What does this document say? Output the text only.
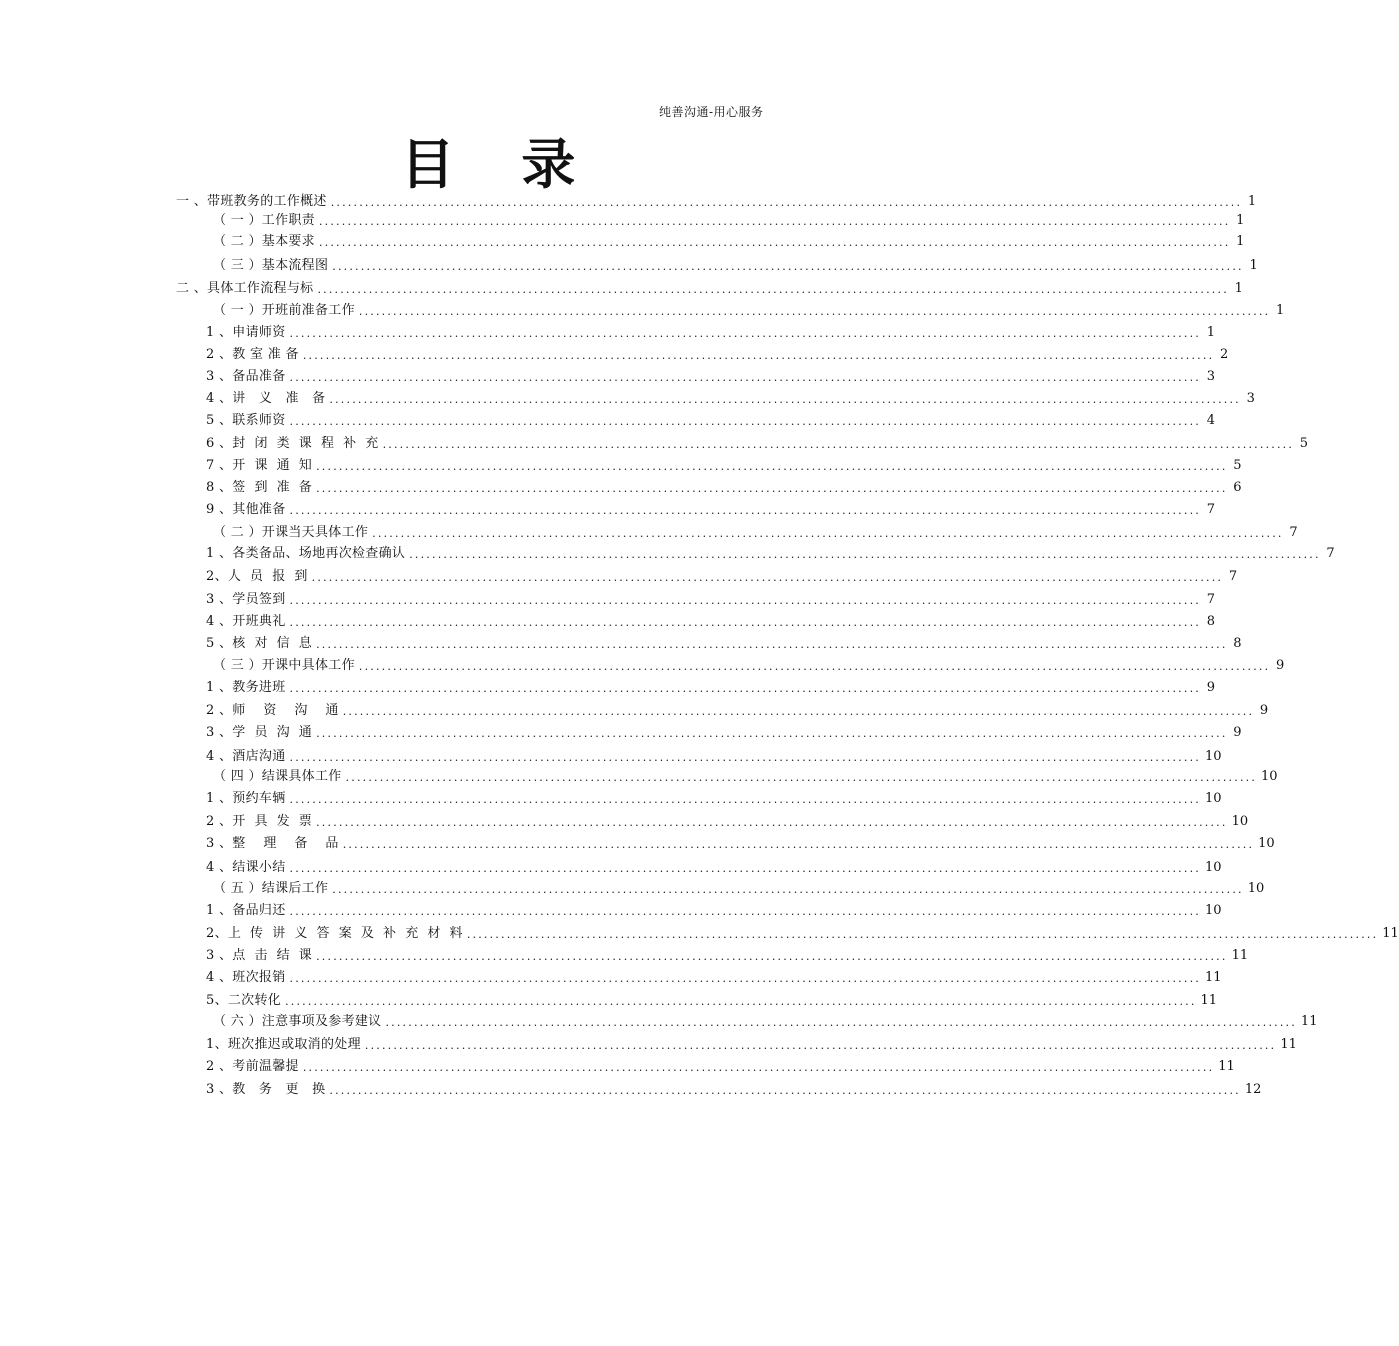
纯善沟通-用心服务
目 录
一 、带班教务的工作概述 ................................................................................................................................................................ 1
（ 一 ）工作职责 ................................................................................................................................................................ 1
（ 二 ）基本要求 ................................................................................................................................................................ 1
（ 三 ）基本流程图 ................................................................................................................................................................ 1
二 、具体工作流程与标 ................................................................................................................................................................ 1
（ 一 ）开班前准备工作 ................................................................................................................................................................ 1
1 、申请师资 ................................................................................................................................................................ 1
2 、教 室 准 备 ................................................................................................................................................................ 2
3 、备品准备 ................................................................................................................................................................ 3
4 、讲   义   准   备 ................................................................................................................................................................ 3
5 、联系师资 ................................................................................................................................................................ 4
6 、封  闭  类  课  程  补  充 ................................................................................................................................................................ 5
7 、开  课  通  知 ................................................................................................................................................................ 5
8 、签  到  准  备 ................................................................................................................................................................ 6
9 、其他准备 ................................................................................................................................................................ 7
（ 二 ）开课当天具体工作 ................................................................................................................................................................ 7
1 、各类备品、场地再次检查确认 ................................................................................................................................................................ 7
2、人  员  报  到 ................................................................................................................................................................ 7
3 、学员签到 ................................................................................................................................................................ 7
4 、开班典礼 ................................................................................................................................................................ 8
5 、核  对  信  息 ................................................................................................................................................................ 8
（ 三 ）开课中具体工作 ................................................................................................................................................................ 9
1 、教务进班 ................................................................................................................................................................ 9
2 、师    资    沟    通 ................................................................................................................................................................ 9
3 、学  员  沟  通 ................................................................................................................................................................ 9
4 、酒店沟通 ................................................................................................................................................................ 10
（ 四 ）结课具体工作 ................................................................................................................................................................ 10
1 、预约车辆 ................................................................................................................................................................ 10
2 、开  具  发  票 ................................................................................................................................................................ 10
3 、整    理    备    品 ................................................................................................................................................................ 10
4 、结课小结 ................................................................................................................................................................ 10
（ 五 ）结课后工作 ................................................................................................................................................................ 10
1 、备品归还 ................................................................................................................................................................ 10
2、上  传  讲  义  答  案  及  补  充  材  料 ................................................................................................................................................................ 11
3 、点  击  结  课 ................................................................................................................................................................ 11
4 、班次报销 ................................................................................................................................................................ 11
5、二次转化 ................................................................................................................................................................ 11
（ 六 ）注意事项及参考建议 ................................................................................................................................................................ 11
1、班次推迟或取消的处理 ................................................................................................................................................................ 11
2 、考前温馨提 ................................................................................................................................................................ 11
3 、教   务   更   换 ................................................................................................................................................................ 12
